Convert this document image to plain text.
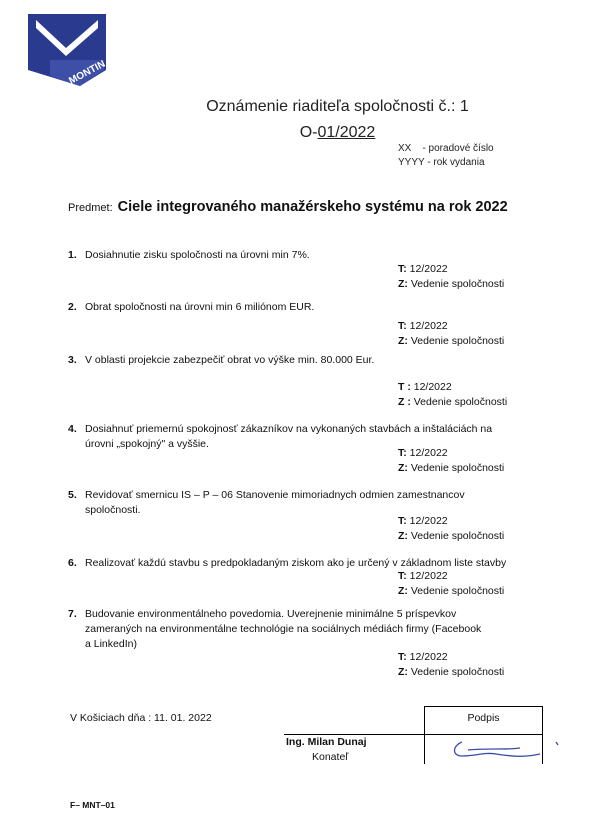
MONTIN
Oznámenie riaditeľa spoločnosti č.: 1
O-01/2022
XX    - poradové číslo
YYYY - rok vydania
Predmet: Ciele integrovaného manažérskeho systému na rok 2022
1. Dosiahnutie zisku spoločnosti na úrovni min 7%.
T: 12/2022
Z: Vedenie spoločnosti
2. Obrat spoločnosti na úrovni min 6 miliónom EUR.
T: 12/2022
Z: Vedenie spoločnosti
3. V oblasti projekcie zabezpečiť obrat vo výške min. 80.000 Eur.
T : 12/2022
Z : Vedenie spoločnosti
4. Dosiahnuť priemernú spokojnosť zákazníkov na vykonaných stavbách a inštaláciách na
úrovni „spokojný" a vyššie.
T: 12/2022
Z: Vedenie spoločnosti
5. Revidovať smernicu IS – P – 06 Stanovenie mimoriadnych odmien zamestnancov
spoločnosti.
T: 12/2022
Z: Vedenie spoločnosti
6. Realizovať každú stavbu s predpokladaným ziskom ako je určený v základnom liste stavby
T: 12/2022
Z: Vedenie spoločnosti
7. Budovanie environmentálneho povedomia. Uverejnenie minimálne 5 príspevkov
zameraných na environmentálne technológie na sociálnych médiách firmy (Facebook
a LinkedIn)
T: 12/2022
Z: Vedenie spoločnosti
V Košiciach dňa : 11. 01. 2022	Podpis
Ing. Milan Dunaj
Konateľ
F– MNT–01
